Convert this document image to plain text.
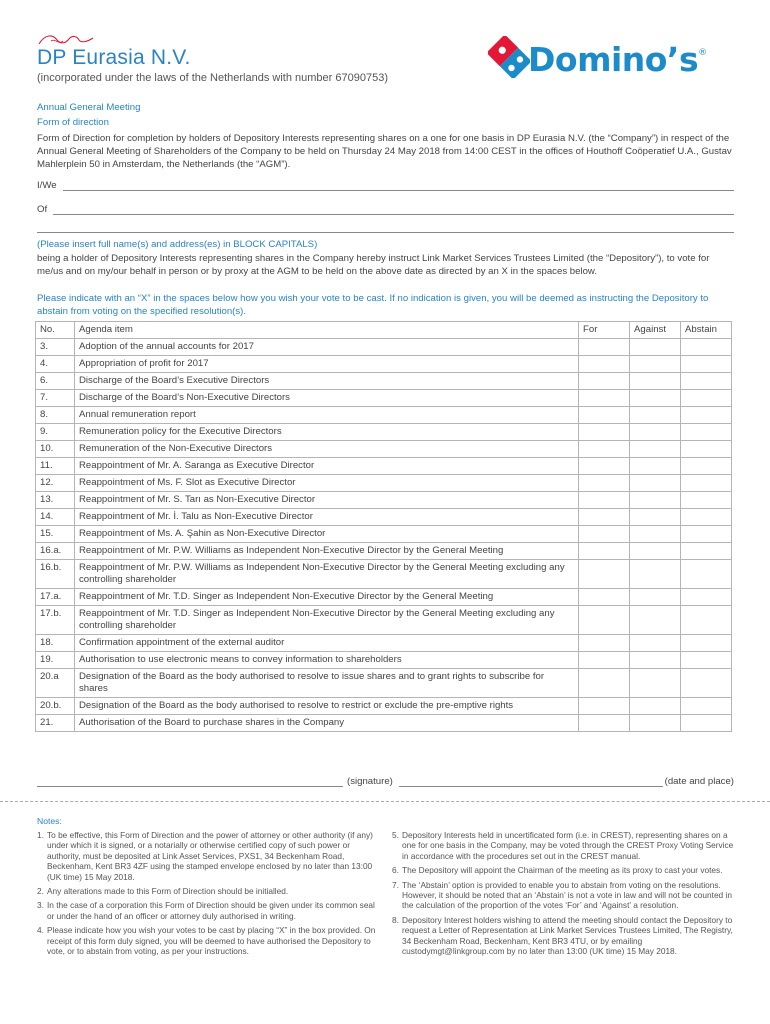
DP Eurasia N.V.
(incorporated under the laws of the Netherlands with number 67090753)	Domino’s®
Annual General Meeting
Form of direction
Form of Direction for completion by holders of Depository Interests representing shares on a one for one basis in DP Eurasia N.V. (the “Company”) in respect of the Annual General Meeting of Shareholders of the Company to be held on Thursday 24 May 2018 from 14:00 CEST in the offices of Houthoff Coöperatief U.A., Gustav Mahlerplein 50 in Amsterdam, the Netherlands (the “AGM”).
I/We
Of
(Please insert full name(s) and address(es) in BLOCK CAPITALS)
being a holder of Depository Interests representing shares in the Company hereby instruct Link Market Services Trustees Limited (the “Depository”), to vote for me/us and on my/our behalf in person or by proxy at the AGM to be held on the above date as directed by an X in the spaces below.
Please indicate with an “X” in the spaces below how you wish your vote to be cast. If no indication is given, you will be deemed as instructing the Depository to abstain from voting on the specified resolution(s).
No.	Agenda item	For	Against	Abstain
3.	Adoption of the annual accounts for 2017			
4.	Appropriation of profit for 2017			
6.	Discharge of the Board’s Executive Directors			
7.	Discharge of the Board’s Non-Executive Directors			
8.	Annual remuneration report			
9.	Remuneration policy for the Executive Directors			
10.	Remuneration of the Non-Executive Directors			
11.	Reappointment of Mr. A. Saranga as Executive Director			
12.	Reappointment of Ms. F. Slot as Executive Director			
13.	Reappointment of Mr. S. Tarı as Non-Executive Director			
14.	Reappointment of Mr. İ. Talu as Non-Executive Director			
15.	Reappointment of Ms. A. Şahin as Non-Executive Director			
16.a.	Reappointment of Mr. P.W. Williams as Independent Non-Executive Director by the General Meeting			
16.b.	Reappointment of Mr. P.W. Williams as Independent Non-Executive Director by the General Meeting excluding any controlling shareholder			
17.a.	Reappointment of Mr. T.D. Singer as Independent Non-Executive Director by the General Meeting			
17.b.	Reappointment of Mr. T.D. Singer as Independent Non-Executive Director by the General Meeting excluding any controlling shareholder			
18.	Confirmation appointment of the external auditor			
19.	Authorisation to use electronic means to convey information to shareholders			
20.a	Designation of the Board as the body authorised to resolve to issue shares and to grant rights to subscribe for shares			
20.b.	Designation of the Board as the body authorised to resolve to restrict or exclude the pre-emptive rights			
21.	Authorisation of the Board to purchase shares in the Company			
(signature)	(date and place)
Notes:
1. To be effective, this Form of Direction and the power of attorney or other authority (if any) under which it is signed, or a notarially or otherwise certified copy of such power or authority, must be deposited at Link Asset Services, PXS1, 34 Beckenham Road, Beckenham, Kent BR3 4ZF using the stamped envelope enclosed by no later than 13:00 (UK time) 15 May 2018.
2. Any alterations made to this Form of Direction should be initialled.
3. In the case of a corporation this Form of Direction should be given under its common seal or under the hand of an officer or attorney duly authorised in writing.
4. Please indicate how you wish your votes to be cast by placing “X” in the box provided. On receipt of this form duly signed, you will be deemed to have authorised the Depository to vote, or to abstain from voting, as per your instructions.
5. Depository Interests held in uncertificated form (i.e. in CREST), representing shares on a one for one basis in the Company, may be voted through the CREST Proxy Voting Service in accordance with the procedures set out in the CREST manual.
6. The Depository will appoint the Chairman of the meeting as its proxy to cast your votes.
7. The ‘Abstain’ option is provided to enable you to abstain from voting on the resolutions. However, it should be noted that an ‘Abstain’ is not a vote in law and will not be counted in the calculation of the proportion of the votes ‘For’ and ‘Against’ a resolution.
8. Depository Interest holders wishing to attend the meeting should contact the Depository to request a Letter of Representation at Link Market Services Trustees Limited, The Registry, 34 Beckenham Road, Beckenham, Kent BR3 4TU, or by emailing custodymgt@linkgroup.com by no later than 13:00 (UK time) 15 May 2018.
